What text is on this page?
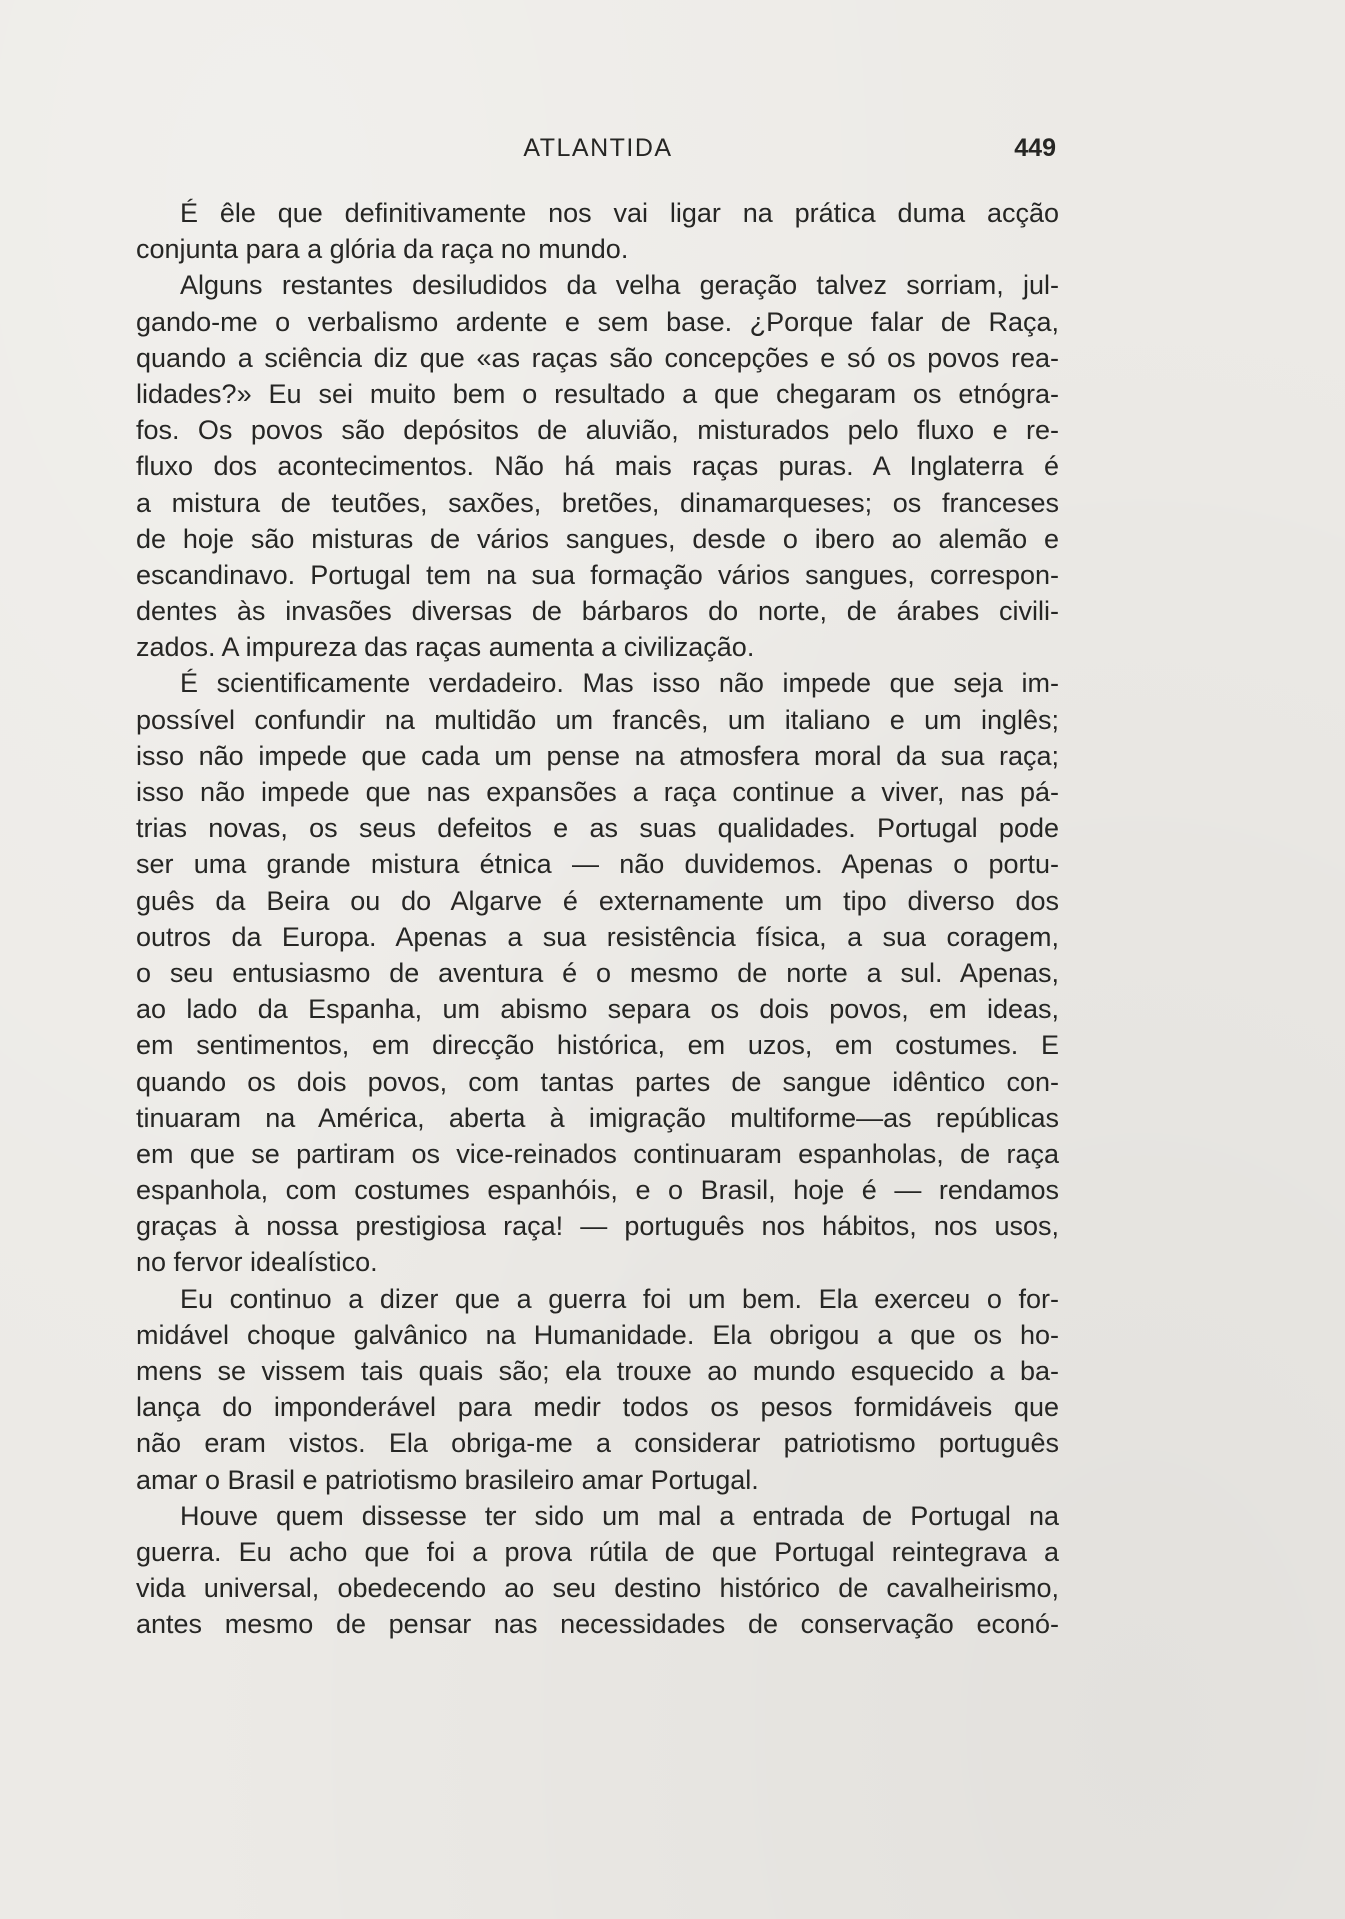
ATLANTIDA	449
É êle que definitivamente nos vai ligar na prática duma acção
conjunta para a glória da raça no mundo.
Alguns restantes desiludidos da velha geração talvez sorriam, jul-
gando-me o verbalismo ardente e sem base. ¿Porque falar de Raça,
quando a sciência diz que «as raças são concepções e só os povos rea-
lidades?» Eu sei muito bem o resultado a que chegaram os etnógra-
fos. Os povos são depósitos de aluvião, misturados pelo fluxo e re-
fluxo dos acontecimentos. Não há mais raças puras. A Inglaterra é
a mistura de teutões, saxões, bretões, dinamarqueses; os franceses
de hoje são misturas de vários sangues, desde o ibero ao alemão e
escandinavo. Portugal tem na sua formação vários sangues, correspon-
dentes às invasões diversas de bárbaros do norte, de árabes civili-
zados. A impureza das raças aumenta a civilização.
É scientificamente verdadeiro. Mas isso não impede que seja im-
possível confundir na multidão um francês, um italiano e um inglês;
isso não impede que cada um pense na atmosfera moral da sua raça;
isso não impede que nas expansões a raça continue a viver, nas pá-
trias novas, os seus defeitos e as suas qualidades. Portugal pode
ser uma grande mistura étnica — não duvidemos. Apenas o portu-
guês da Beira ou do Algarve é externamente um tipo diverso dos
outros da Europa. Apenas a sua resistência física, a sua coragem,
o seu entusiasmo de aventura é o mesmo de norte a sul. Apenas,
ao lado da Espanha, um abismo separa os dois povos, em ideas,
em sentimentos, em direcção histórica, em uzos, em costumes. E
quando os dois povos, com tantas partes de sangue idêntico con-
tinuaram na América, aberta à imigração multiforme—as repúblicas
em que se partiram os vice-reinados continuaram espanholas, de raça
espanhola, com costumes espanhóis, e o Brasil, hoje é — rendamos
graças à nossa prestigiosa raça! — português nos hábitos, nos usos,
no fervor idealístico.
Eu continuo a dizer que a guerra foi um bem. Ela exerceu o for-
midável choque galvânico na Humanidade. Ela obrigou a que os ho-
mens se vissem tais quais são; ela trouxe ao mundo esquecido a ba-
lança do imponderável para medir todos os pesos formidáveis que
não eram vistos. Ela obriga-me a considerar patriotismo português
amar o Brasil e patriotismo brasileiro amar Portugal.
Houve quem dissesse ter sido um mal a entrada de Portugal na
guerra. Eu acho que foi a prova rútila de que Portugal reintegrava a
vida universal, obedecendo ao seu destino histórico de cavalheirismo,
antes mesmo de pensar nas necessidades de conservação econó-
